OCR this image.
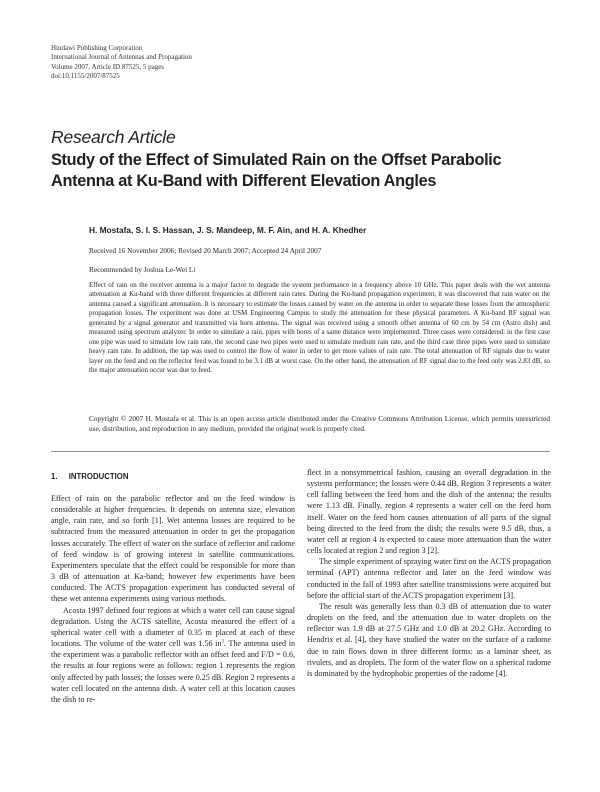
Hindawi Publishing Corporation
International Journal of Antennas and Propagation
Volume 2007, Article ID 87525, 5 pages
doi:10.1155/2007/87525
Research Article
Study of the Effect of Simulated Rain on the Offset Parabolic Antenna at Ku-Band with Different Elevation Angles
H. Mostafa, S. I. S. Hassan, J. S. Mandeep, M. F. Ain, and H. A. Khedher
Received 16 November 2006; Revised 20 March 2007; Accepted 24 April 2007
Recommended by Joshua Le-Wei Li
Effect of rain on the receiver antenna is a major factor to degrade the system performance in a frequency above 10 GHz. This paper deals with the wet antenna attenuation at Ku-band with three different frequencies at different rain rates. During the Ku-band propagation experiment, it was discovered that rain water on the antenna caused a significant attenuation. It is necessary to estimate the losses caused by water on the antenna in order to separate these losses from the atmospheric propagation losses. The experiment was done at USM Engineering Campus to study the attenuation for these physical parameters. A Ku-band RF signal was generated by a signal generator and transmitted via horn antenna. The signal was received using a smooth offset antenna of 60 cm by 54 cm (Astro dish) and measured using spectrum analyzer. In order to simulate a rain, pipes with bores of a same distance were implemented. Three cases were considered: in the first case one pipe was used to simulate low rain rate, the second case two pipes were used to simulate medium rain rate, and the third case three pipes were used to simulate heavy rain rate. In addition, the tap was used to control the flow of water in order to get more values of rain rate. The total attenuation of RF signals due to water layer on the feed and on the reflector feed was found to be 3.1 dB at worst case. On the other hand, the attenuation of RF signal due to the feed only was 2.83 dB, so the major attenuation occur was due to feed.
Copyright © 2007 H. Mostafa et al. This is an open access article distributed under the Creative Commons Attribution License, which permits unrestricted use, distribution, and reproduction in any medium, provided the original work is properly cited.
1. INTRODUCTION

Effect of rain on the parabolic reflector and on the feed window is considerable at higher frequencies. It depends on antenna size, elevation angle, rain rate, and so forth [1]. Wet antenna losses are required to be subtracted from the measured attenuation in order to get the propagation losses accurately. The effect of water on the surface of reflector and radome of feed window is of growing interest in satellite communications. Experimenters speculate that the effect could be responsible for more than 3 dB of attenuation at Ka-band; however few experiments have been conducted. The ACTS propagation experiment has conducted several of these wet antenna experiments using various methods.

Acosta 1997 defined four regions at which a water cell can cause signal degradation. Using the ACTS satellite, Acosta measured the effect of a spherical water cell with a diameter of 0.35 m placed at each of these locations. The volume of the water cell was 1.56 $in^3$. The antenna used in the experiment was a parabolic reflector with an offset feed and F/D = 0.6, the results at four regions were as follows: region 1 represents the region only affected by path losses; the losses were 0.25 dB. Region 2 represents a water cell located on the antenna dish. A water cell at this location causes the dish to re-

flect in a nonsymmetrical fashion, causing an overall degradation in the systems performance; the losses were 0.44 dB. Region 3 represents a water cell falling between the feed horn and the dish of the antenna; the results were 1.13 dB. Finally, region 4 represents a water cell on the feed horn itself. Water on the feed horn causes attenuation of all parts of the signal being directed to the feed from the dish; the results were 9.5 dB, thus, a water cell at region 4 is expected to cause more attenuation than the water cells located at region 2 and region 3 [2].

The simple experiment of spraying water first on the ACTS propagation terminal (APT) antenna reflector and later on the feed window was conducted in the fall of 1993 after satellite transmissions were acquired but before the official start of the ACTS propagation experiment [3].

The result was generally less than 0.3 dB of attenuation due to water droplets on the feed, and the attenuation due to water droplets on the reflector was 1.9 dB at 27.5 GHz and 1.0 dB at 20.2 GHz. According to Hendrix et al. [4], they have studied the water on the surface of a radome due to rain flows down in three different forms: as a laminar sheet, as rivulets, and as droplets. The form of the water flow on a spherical radome is dominated by the hydrophobic properties of the radome [4].
